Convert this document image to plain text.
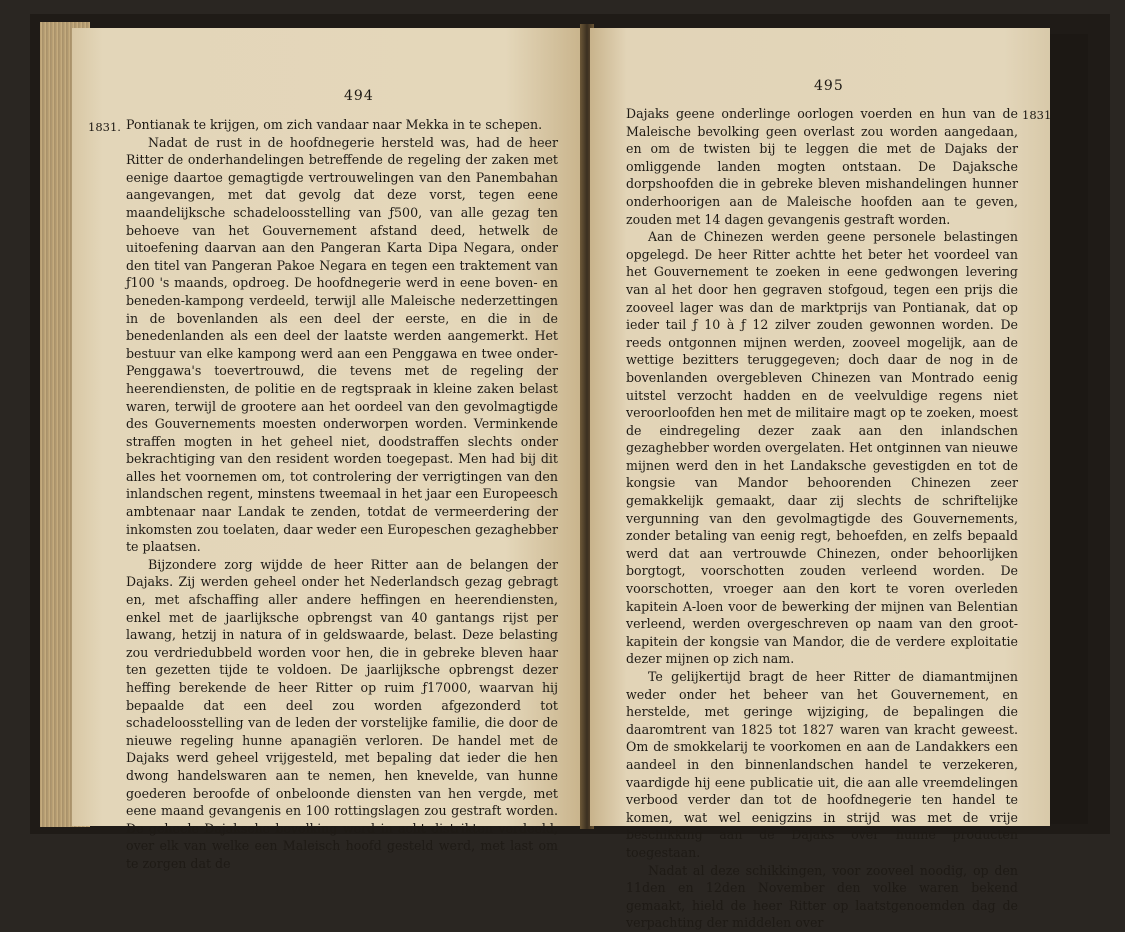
494
1831. Pontianak te krijgen, om zich vandaar naar Mekka in te schepen.

Nadat de rust in de hoofdnegerie hersteld was, had de heer Ritter de onderhandelingen betreffende de regeling der zaken met eenige daartoe gemagtigde vertrouwelingen van den Panembahan aangevangen, met dat gevolg dat deze vorst, tegen eene maandelijksche schadeloosstelling van ƒ500, van alle gezag ten behoeve van het Gouvernement afstand deed, hetwelk de uitoefening daarvan aan den Pangeran Karta Dipa Negara, onder den titel van Pangeran Pakoe Negara en tegen een traktement van ƒ100 's maands, opdroeg. De hoofdnegerie werd in eene boven- en beneden-kampong verdeeld, terwijl alle Maleische nederzettingen in de bovenlanden als een deel der eerste, en die in de benedenlanden als een deel der laatste werden aangemerkt. Het bestuur van elke kampong werd aan een Penggawa en twee onder-Penggawa's toevertrouwd, die tevens met de regeling der heerendiensten, de politie en de regtspraak in kleine zaken belast waren, terwijl de grootere aan het oordeel van den gevolmagtigde des Gouvernements moesten onderworpen worden. Verminkende straffen mogten in het geheel niet, doodstraffen slechts onder bekrachtiging van den resident worden toegepast. Men had bij dit alles het voornemen om, tot controlering der verrigtingen van den inlandschen regent, minstens tweemaal in het jaar een Europeesch ambtenaar naar Landak te zenden, totdat de vermeerdering der inkomsten zou toelaten, daar weder een Europeschen gezaghebber te plaatsen.

Bijzondere zorg wijdde de heer Ritter aan de belangen der Dajaks. Zij werden geheel onder het Nederlandsch gezag gebragt en, met afschaffing aller andere heffingen en heerendiensten, enkel met de jaarlijksche opbrengst van 40 gantangs rijst per lawang, hetzij in natura of in geldswaarde, belast. Deze belasting zou verdriedubbeld worden voor hen, die in gebreke bleven haar ten gezetten tijde te voldoen. De jaarlijksche opbrengst dezer heffing berekende de heer Ritter op ruim ƒ17000, waarvan hij bepaalde dat een deel zou worden afgezonderd tot schadeloosstelling van de leden der vorstelijke familie, die door de nieuwe regeling hunne apanagiën verloren. De handel met de Dajaks werd geheel vrijgesteld, met bepaling dat ieder die hen dwong handelswaren aan te nemen, hen knevelde, van hunne goederen beroofde of onbeloonde diensten van hen vergde, met eene maand gevangenis en 100 rottingslagen zou gestraft worden. De geheele Dajaksche bevolking werd in acht distrikten verdeeld, over elk van welke een Maleisch hoofd gesteld werd, met last om te zorgen dat de

495
1831.

Dajaks geene onderlinge oorlogen voerden en hun van de Maleische bevolking geen overlast zou worden aangedaan, en om de twisten bij te leggen die met de Dajaks der omliggende landen mogten ontstaan. De Dajaksche dorpshoofden die in gebreke bleven mishandelingen hunner onderhoorigen aan de Maleische hoofden aan te geven, zouden met 14 dagen gevangenis gestraft worden.

Aan de Chinezen werden geene personele belastingen opgelegd. De heer Ritter achtte het beter het voordeel van het Gouvernement te zoeken in eene gedwongen levering van al het door hen gegraven stofgoud, tegen een prijs die zooveel lager was dan de marktprijs van Pontianak, dat op ieder tail ƒ 10 à ƒ 12 zilver zouden gewonnen worden. De reeds ontgonnen mijnen werden, zooveel mogelijk, aan de wettige bezitters teruggegeven; doch daar de nog in de bovenlanden overgebleven Chinezen van Montrado eenig uitstel verzocht hadden en de veelvuldige regens niet veroorloofden hen met de militaire magt op te zoeken, moest de eindregeling dezer zaak aan den inlandschen gezaghebber worden overgelaten. Het ontginnen van nieuwe mijnen werd den in het Landaksche gevestigden en tot de kongsie van Mandor behoorenden Chinezen zeer gemakkelijk gemaakt, daar zij slechts de schriftelijke vergunning van den gevolmagtigde des Gouvernements, zonder betaling van eenig regt, behoefden, en zelfs bepaald werd dat aan vertrouwde Chinezen, onder behoorlijken borgtogt, voorschotten zouden verleend worden. De voorschotten, vroeger aan den kort te voren overleden kapitein A-loen voor de bewerking der mijnen van Belentian verleend, werden overgeschreven op naam van den groot-kapitein der kongsie van Mandor, die de verdere exploitatie dezer mijnen op zich nam.

Te gelijkertijd bragt de heer Ritter de diamantmijnen weder onder het beheer van het Gouvernement, en herstelde, met geringe wijziging, de bepalingen die daaromtrent van 1825 tot 1827 waren van kracht geweest. Om de smokkelarij te voorkomen en aan de Landakkers een aandeel in den binnenlandschen handel te verzekeren, vaardigde hij eene publicatie uit, die aan alle vreemdelingen verbood verder dan tot de hoofdnegerie ten handel te komen, wat wel eenigzins in strijd was met de vrije beschikking aan de Dajaks over hunne producten toegestaan.

Nadat al deze schikkingen, voor zooveel noodig, op den 11den en 12den November den volke waren bekend gemaakt, hield de heer Ritter op laatstgenoemden dag de verpachting der middelen over
